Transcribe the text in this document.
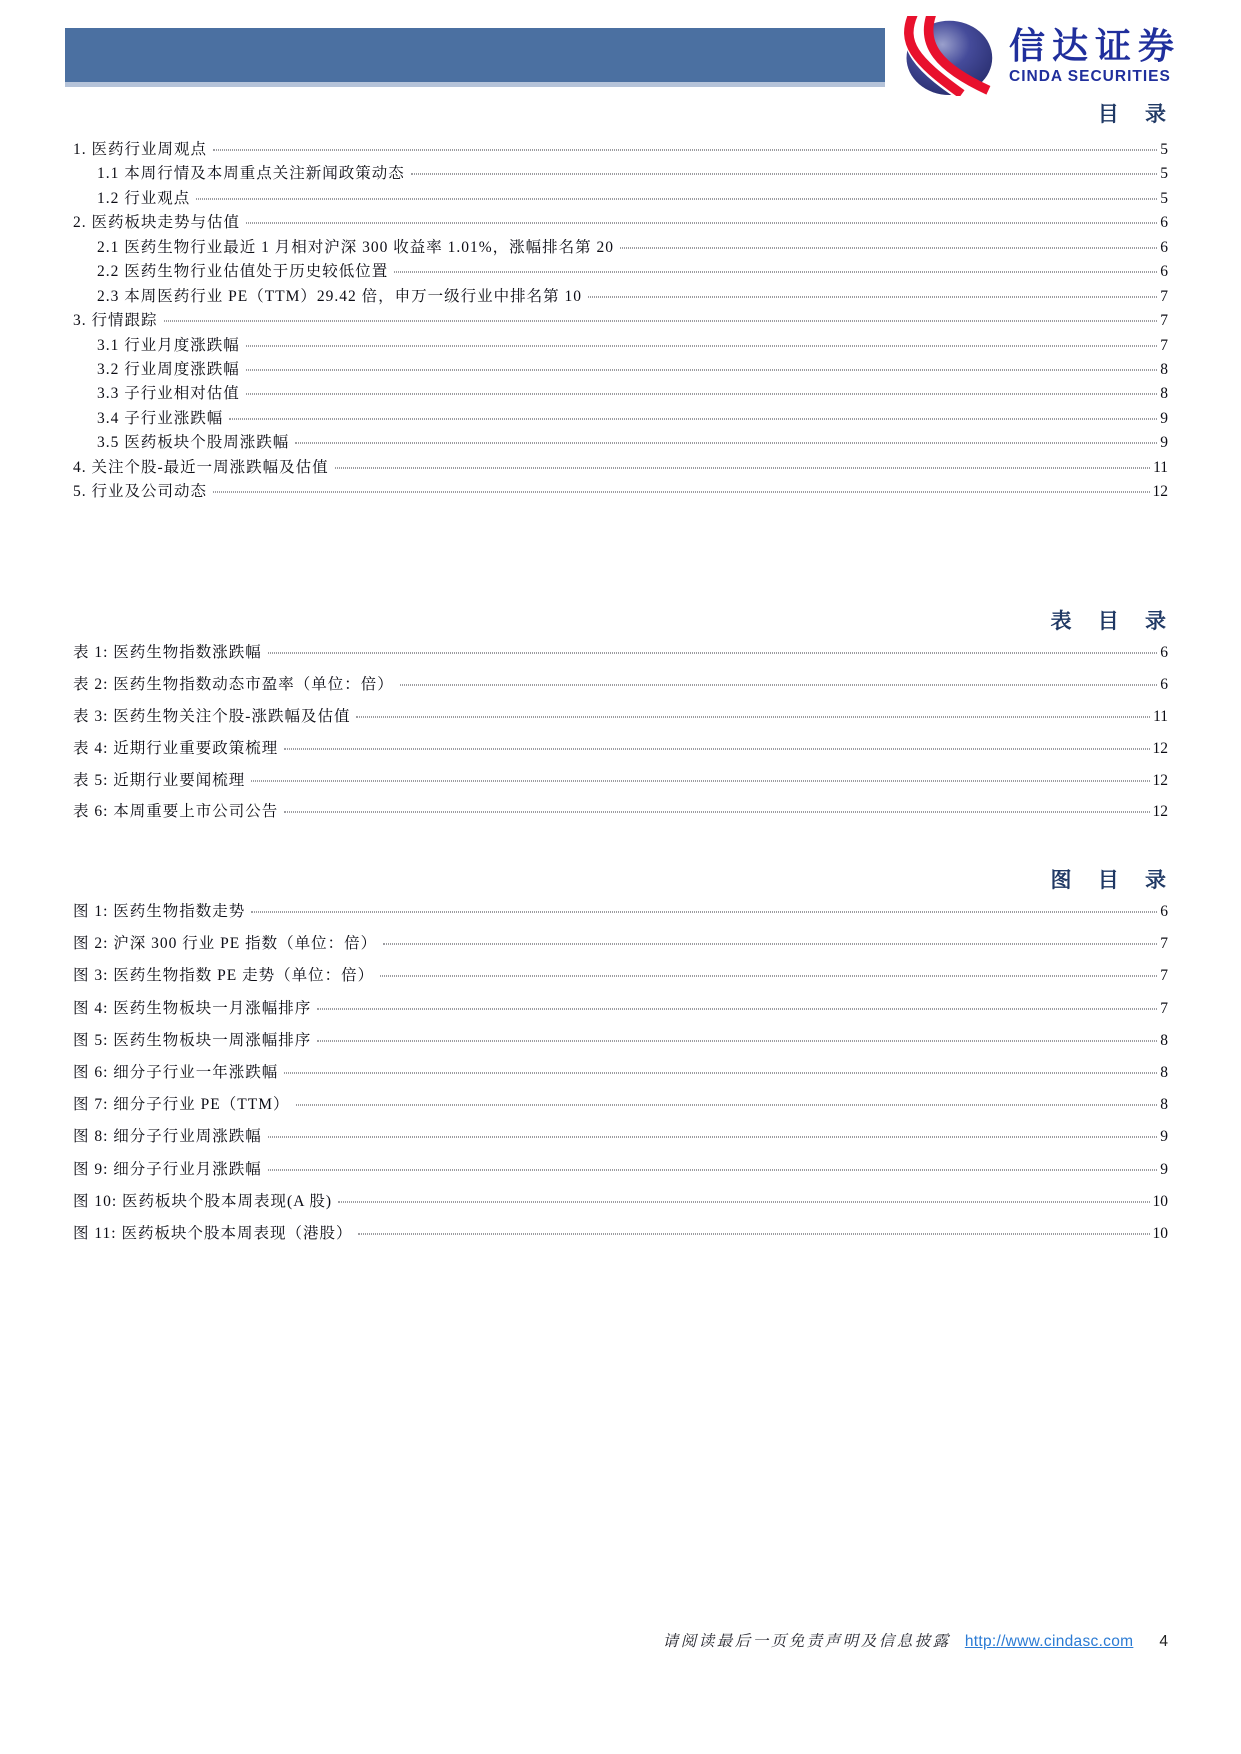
信达证券
CINDA SECURITIES
目 录
1. 医药行业周观点	5
1.1 本周行情及本周重点关注新闻政策动态	5
1.2 行业观点	5
2. 医药板块走势与估值	6
2.1 医药生物行业最近 1 月相对沪深 300 收益率 1.01%，涨幅排名第 20	6
2.2 医药生物行业估值处于历史较低位置	6
2.3 本周医药行业 PE（TTM）29.42 倍，申万一级行业中排名第 10	7
3. 行情跟踪	7
3.1 行业月度涨跌幅	7
3.2 行业周度涨跌幅	8
3.3 子行业相对估值	8
3.4 子行业涨跌幅	9
3.5 医药板块个股周涨跌幅	9
4. 关注个股-最近一周涨跌幅及估值	11
5. 行业及公司动态	12
表 目 录
表 1: 医药生物指数涨跌幅	6
表 2: 医药生物指数动态市盈率（单位：倍）	6
表 3: 医药生物关注个股-涨跌幅及估值	11
表 4: 近期行业重要政策梳理	12
表 5: 近期行业要闻梳理	12
表 6: 本周重要上市公司公告	12
图 目 录
图 1: 医药生物指数走势	6
图 2: 沪深 300 行业 PE 指数（单位：倍）	7
图 3: 医药生物指数 PE 走势（单位：倍）	7
图 4: 医药生物板块一月涨幅排序	7
图 5: 医药生物板块一周涨幅排序	8
图 6: 细分子行业一年涨跌幅	8
图 7: 细分子行业 PE（TTM）	8
图 8: 细分子行业周涨跌幅	9
图 9: 细分子行业月涨跌幅	9
图 10: 医药板块个股本周表现(A 股)	10
图 11: 医药板块个股本周表现（港股）	10
请阅读最后一页免责声明及信息披露 http://www.cindasc.com 4
